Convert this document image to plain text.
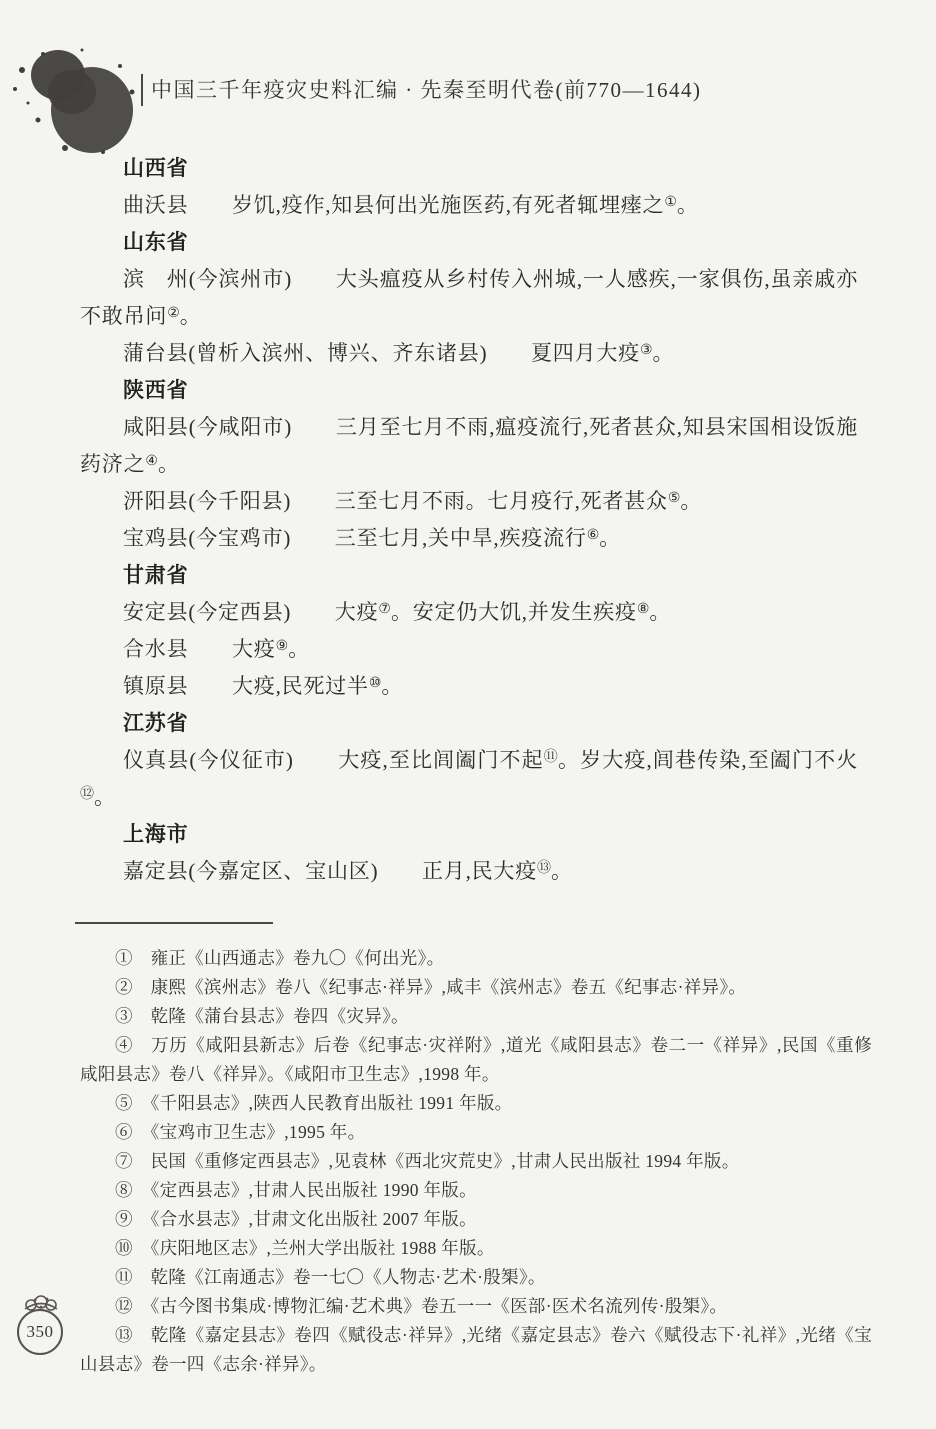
中国三千年疫灾史料汇编 · 先秦至明代卷(前770—1644)

山西省

曲沃县　　岁饥,疫作,知县何出光施医药,有死者辄埋瘗之①。

山东省

滨　州(今滨州市)　　大头瘟疫从乡村传入州城,一人感疾,一家俱伤,虽亲戚亦不敢吊问②。

蒲台县(曾析入滨州、博兴、齐东诸县)　　夏四月大疫③。

陕西省

咸阳县(今咸阳市)　　三月至七月不雨,瘟疫流行,死者甚众,知县宋国相设饭施药济之④。

汧阳县(今千阳县)　　三至七月不雨。七月疫行,死者甚众⑤。

宝鸡县(今宝鸡市)　　三至七月,关中旱,疾疫流行⑥。

甘肃省

安定县(今定西县)　　大疫⑦。安定仍大饥,并发生疾疫⑧。

合水县　　大疫⑨。

镇原县　　大疫,民死过半⑩。

江苏省

仪真县(今仪征市)　　大疫,至比闾阖门不起⑪。岁大疫,闾巷传染,至阖门不火⑫。

上海市

嘉定县(今嘉定区、宝山区)　　正月,民大疫⑬。

①　雍正《山西通志》卷九〇《何出光》。

②　康熙《滨州志》卷八《纪事志·祥异》,咸丰《滨州志》卷五《纪事志·祥异》。

③　乾隆《蒲台县志》卷四《灾异》。

④　万历《咸阳县新志》后卷《纪事志·灾祥附》,道光《咸阳县志》卷二一《祥异》,民国《重修咸阳县志》卷八《祥异》。《咸阳市卫生志》,1998 年。

⑤　《千阳县志》,陕西人民教育出版社 1991 年版。

⑥　《宝鸡市卫生志》,1995 年。

⑦　民国《重修定西县志》,见袁林《西北灾荒史》,甘肃人民出版社 1994 年版。

⑧　《定西县志》,甘肃人民出版社 1990 年版。

⑨　《合水县志》,甘肃文化出版社 2007 年版。

⑩　《庆阳地区志》,兰州大学出版社 1988 年版。

⑪　乾隆《江南通志》卷一七〇《人物志·艺术·殷榘》。

⑫　《古今图书集成·博物汇编·艺术典》卷五一一《医部·医术名流列传·殷榘》。

⑬　乾隆《嘉定县志》卷四《赋役志·祥异》,光绪《嘉定县志》卷六《赋役志下·礼祥》,光绪《宝山县志》卷一四《志余·祥异》。

350
